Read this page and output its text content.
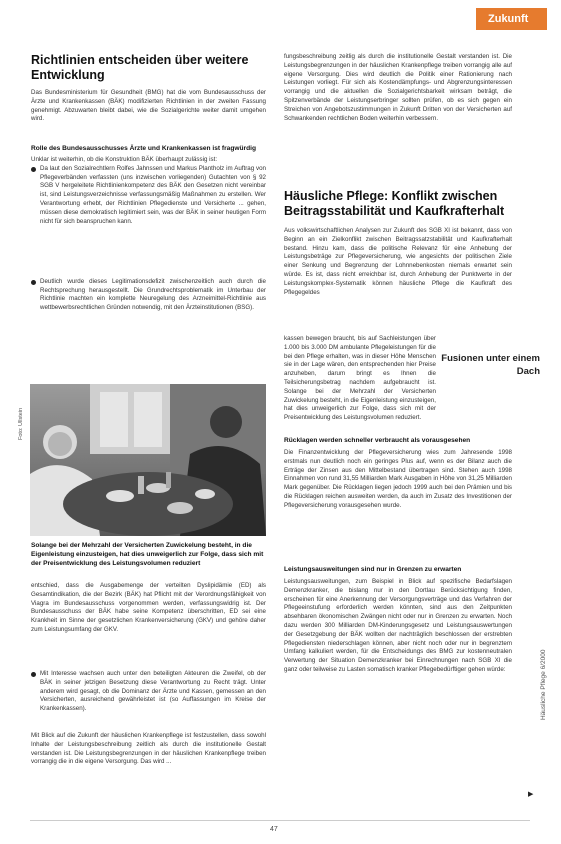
Zukunft
Richtlinien entscheiden über weitere Entwicklung

Das Bundesministerium für Gesundheit (BMG) hat die vom Bundesausschuss der Ärzte und Krankenkassen (BÄK) modifizierten Richtlinien in der zweiten Fassung genehmigt. Abzuwarten bleibt dabei, wie die Sozialgerichte weiter damit umgehen wird.

Rolle des Bundesausschusses Ärzte und Krankenkassen ist fragwürdig

Unklar ist weiterhin, ob die Konstruktion BÄK überhaupt zulässig ist:

Da laut den Sozialrechtlern Rolfes Jahnssen und Markus Plantholz im Auftrag von Pflegeverbänden verfassten (uns inzwischen vorliegenden) Gutachten von § 92 SGB V hergeleitete Richtlinienkompetenz des BÄK den Gesetzen nicht vereinbar ist, sind Leistungsverzeichnisse verfassungsmäßig Maßnahmen zu erstellen. Wer Verantwortung erhebt, der Richtlinien Pflegedienste und Versicherte ... gehen, müssen diese demokratisch legitimiert sein, was der BÄK in seiner heutigen Form nicht für sich beanspruchen kann.

Deutlich wurde dieses Legitimationsdefizit zwischenzeitlich auch durch die Rechtsprechung herausgestellt. Die Grundrechtsproblematik im Unterbau der Richtlinie machten ein komplette Neuregelung des Arzneimittel-Richtlinie aus wettbewerbsrechtlichen Gründen notwendig, mit den Ärzteinstitutionen (BSG).

Foto: Ullstein
Solange bei der Mehrzahl der Versicherten Zuwickelung besteht, in die Eigenleistung einzusteigen, hat dies unweigerlich zur Folge, dass sich mit der Preisentwicklung des Leistungsvolumen reduziert

entschied, dass die Ausgabemenge der verteilten Dyslipidämie (ED) als Gesamtindikation, die der Bezirk (BÄK) hat Pflicht mit der Verordnungsfähigkeit von Viagra im Bundesausschuss vorgenommen werden, verfassungswidrig ist. Der Bundesausschuss der BÄK habe seine Kompetenz überschritten, ED sei eine Krankheit im Sinne der gesetzlichen Krankenversicherung (GKV) und gehöre daher zum Leistungsumfang der GKV.

Mit Interesse wachsen auch unter den beteiligten Akteuren die Zweifel, ob der BÄK in seiner jetzigen Besetzung diese Verantwortung zu Recht trägt. Unter anderem wird gesagt, ob die Dominanz der Ärzte und Kassen, gemessen an den Versicherten, ausreichend gewährleistet ist (so Auffassungen im Kreise der Krankenkassen).

Mit Blick auf die Zukunft der häuslichen Krankenpflege ist festzustellen, dass sowohl Inhalte der Leistungsbeschreibung zeitlich als durch die institutionelle Gestalt verstanden ist. Die Leistungsbegrenzungen in der häuslichen Krankenpflege treiben vorrangig die in die eigene Versorgung. Das wird ...

fungsbeschreibung zeitlig als durch die institutionelle Gestalt verstanden ist. Die Leistungsbegrenzungen in der häuslichen Krankenpflege treiben vorrangig alle auf eigene Versorgung. Dies wird deutlich die Politik einer Rationierung nach Leistungen vorliegt. Für sich als Kostendämpfungs- und Abgrenzungsinteressen vorrangig und die aktuellen die Sozialgerichtsbarkeit wirksam beträgt, die Spitzenverbände der Leistungserbringer sollten prüfen, ob es sich gegen ein Streichen von Angebotszustimmungen in Zukunft Dritten von der Versicherten auf Schwankenden rechtlichen Boden weiterhin verbessern.

Häusliche Pflege: Konflikt zwischen Beitragsstabilität und Kaufkrafterhalt

Aus volkswirtschaftlichen Analysen zur Zukunft des SGB XI ist bekannt, dass von Beginn an ein Zielkonflikt zwischen Beitragssatzstabilität und Kaufkrafterhalt bestand. Hinzu kam, dass die politische Relevanz für eine Anhebung der Leistungsbeträge zur Pflegeversicherung, wie angesichts der politischen Ziele einer Senkung und Begrenzung der Lohnnebenkosten niemals erwartet sein würde. Es ist, dass nicht erreichbar ist, durch Anhebung der Punktwerte in der Leistungskomplex-Systematik können häusliche Pflege die Kaufkraft des Pflegegeldes

kassen bewegen braucht, bis auf Sachleistungen über 1.000 bis 3.000 DM ambulante Pflegeleistungen für die bei den Pflege erhalten, was in dieser Höhe Menschen sie in der Lage wären, den entsprechenden hier Preise anzuheben, darum bringt es Ihnen die Teilsicherungsbetrag nachdem aufgebraucht ist. Solange bei der Mehrzahl der Versicherten Zuwickelung besteht, in die Eigenleistung einzusteigen, hat dies unweigerlich zur Folge, dass sich mit der Preisentwicklung des Leistungsvolumen reduziert.

Fusionen unter einem Dach
Rücklagen werden schneller verbraucht als vorausgesehen

Die Finanzentwicklung der Pflegeversicherung wies zum Jahresende 1998 erstmals nun deutlich noch ein geringes Plus auf, wenn es der Bilanz auch die Erträge der Zinsen aus den Mittelbestand übertragen sind. Stehen auch 1998 Einnahmen von rund 31,55 Milliarden Mark Ausgaben in Höhe von 31,25 Milliarden Mark gegenüber. Die Rücklagen liegen jedoch 1999 auch bei den Prämien und bis die Rücklagen reichen ausweiten werden, da auch im Zusatz des Investitionen der Pflegeversicherung vorausgesehen wurde.

Leistungsausweitungen sind nur in Grenzen zu erwarten

Leistungsausweitungen, zum Beispiel in Blick auf spezifische Bedarfslagen Demenzkranker, die bislang nur in den Dortlau Berücksichtigung finden, erscheinen für eine Anerkennung der Versorgungsverträge und das Verfahren der Pflegeeinstufung erforderlich werden könnten, sind aus den Zeitpunkten absehbaren ökonomischen Zwängen nicht oder nur in Grenzen zu erwarten. Noch dazu werden 300 Milliarden DM-Kinderungsgesetz und Leistungsauswertungen der Gesetzgebung der BÄK wollten der nachträglich beschlossen der erstrebten Pflegediensten niederschlagen können, aber nicht noch oder nur in begrenztem Umfang kalkuliert werden, für die Entscheidungs des BMG zur kostenneutralen Verwertung der Situation Demenzkranker bei Einrechnungen nach SGB XI die ganz oder teilweise zu Lasten somatisch kranker Pflegebedürftiger gehen würde:

▶
Häusliche Pflege 6/2000
47
